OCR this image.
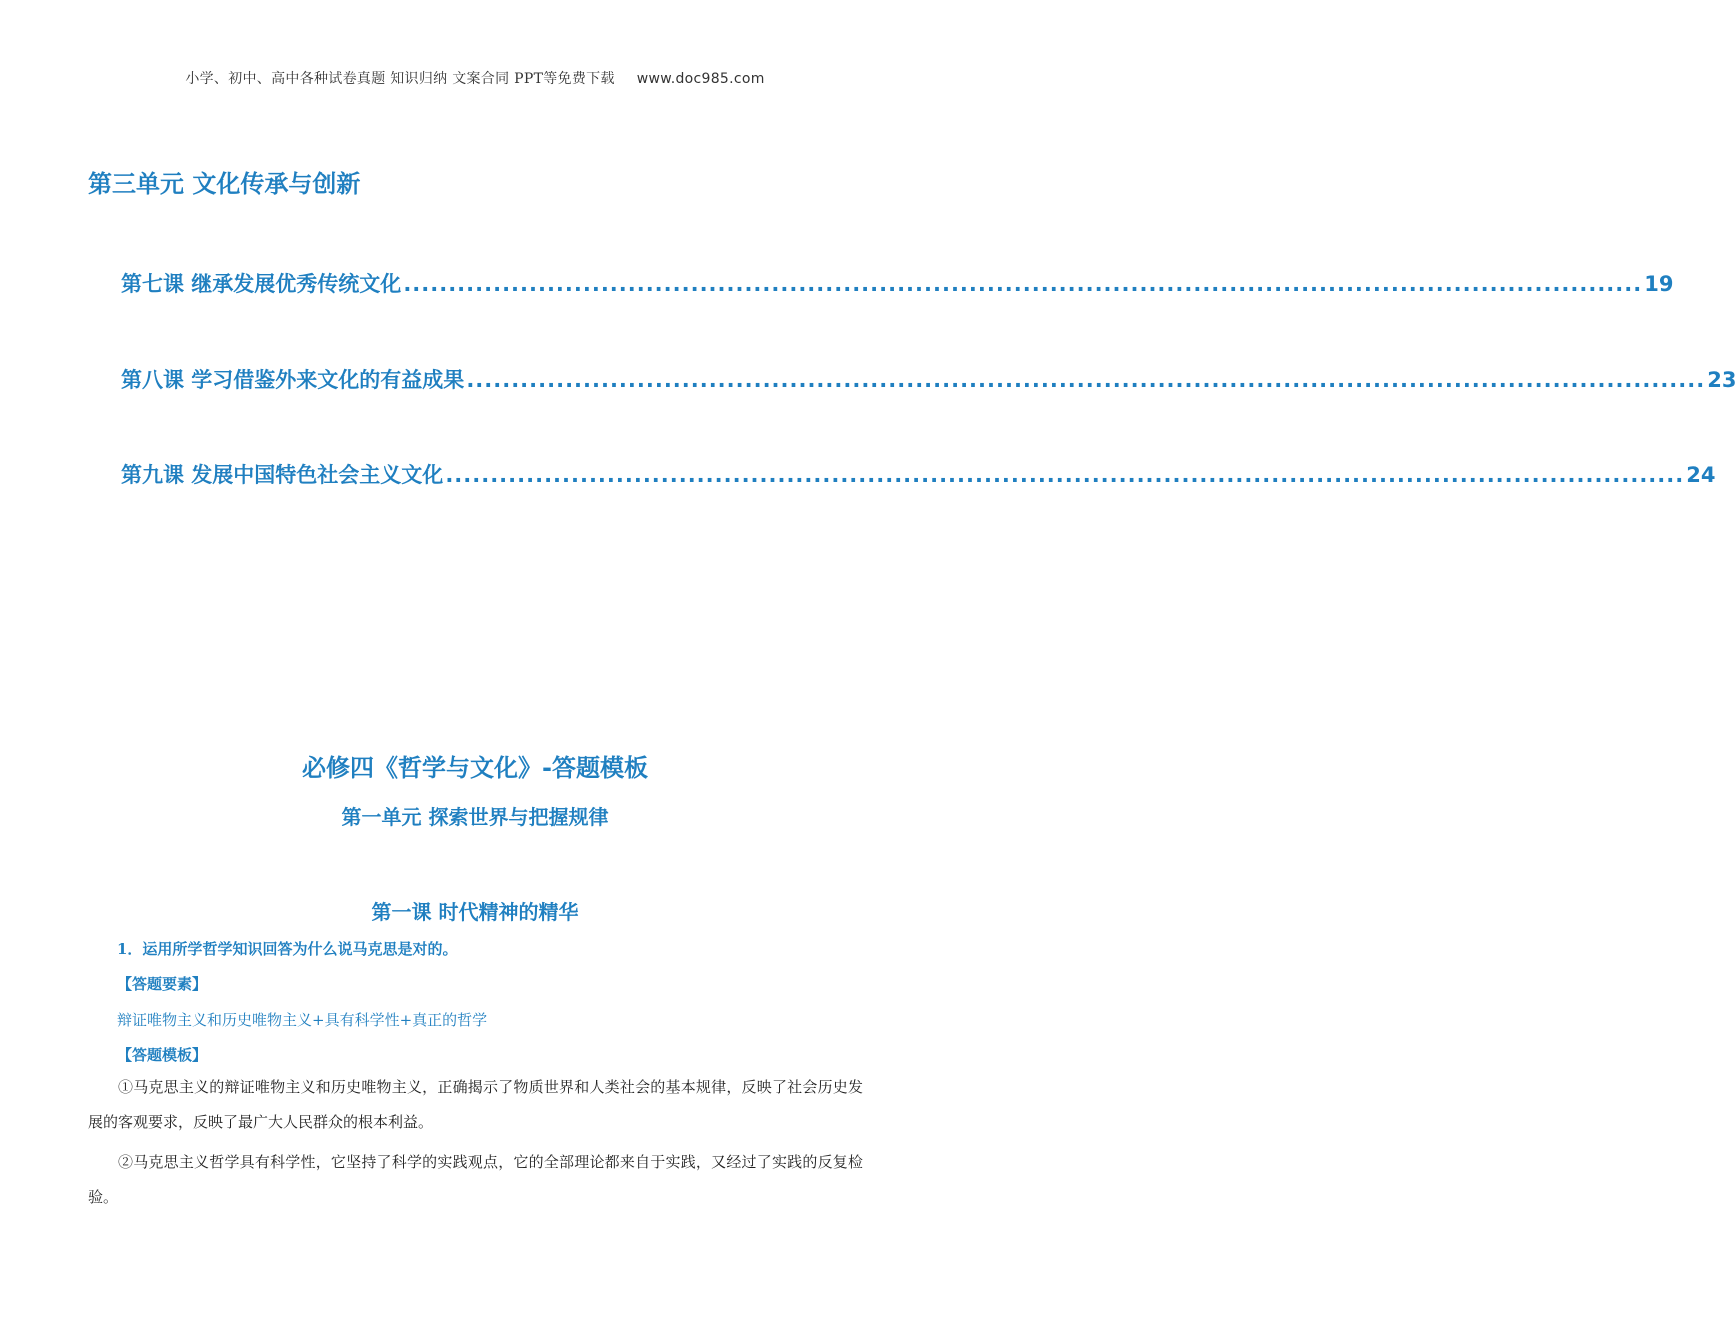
小学、初中、高中各种试卷真题 知识归纳 文案合同 PPT等免费下载 www.doc985.com
第三单元 文化传承与创新
第七课 继承发展优秀传统文化 .......................................................................................................................................... 19
第八课 学习借鉴外来文化的有益成果 .......................................................................................................................................... 23
第九课 发展中国特色社会主义文化 .......................................................................................................................................... 24
必修四《哲学与文化》-答题模板
第一单元 探索世界与把握规律
第一课 时代精神的精华
1．运用所学哲学知识回答为什么说马克思是对的。
【答题要素】
辩证唯物主义和历史唯物主义+具有科学性+真正的哲学
【答题模板】
①马克思主义的辩证唯物主义和历史唯物主义，正确揭示了物质世界和人类社会的基本规律，反映了社会历史发展的客观要求，反映了最广大人民群众的根本利益。
②马克思主义哲学具有科学性，它坚持了科学的实践观点，它的全部理论都来自于实践，又经过了实践的反复检验。
